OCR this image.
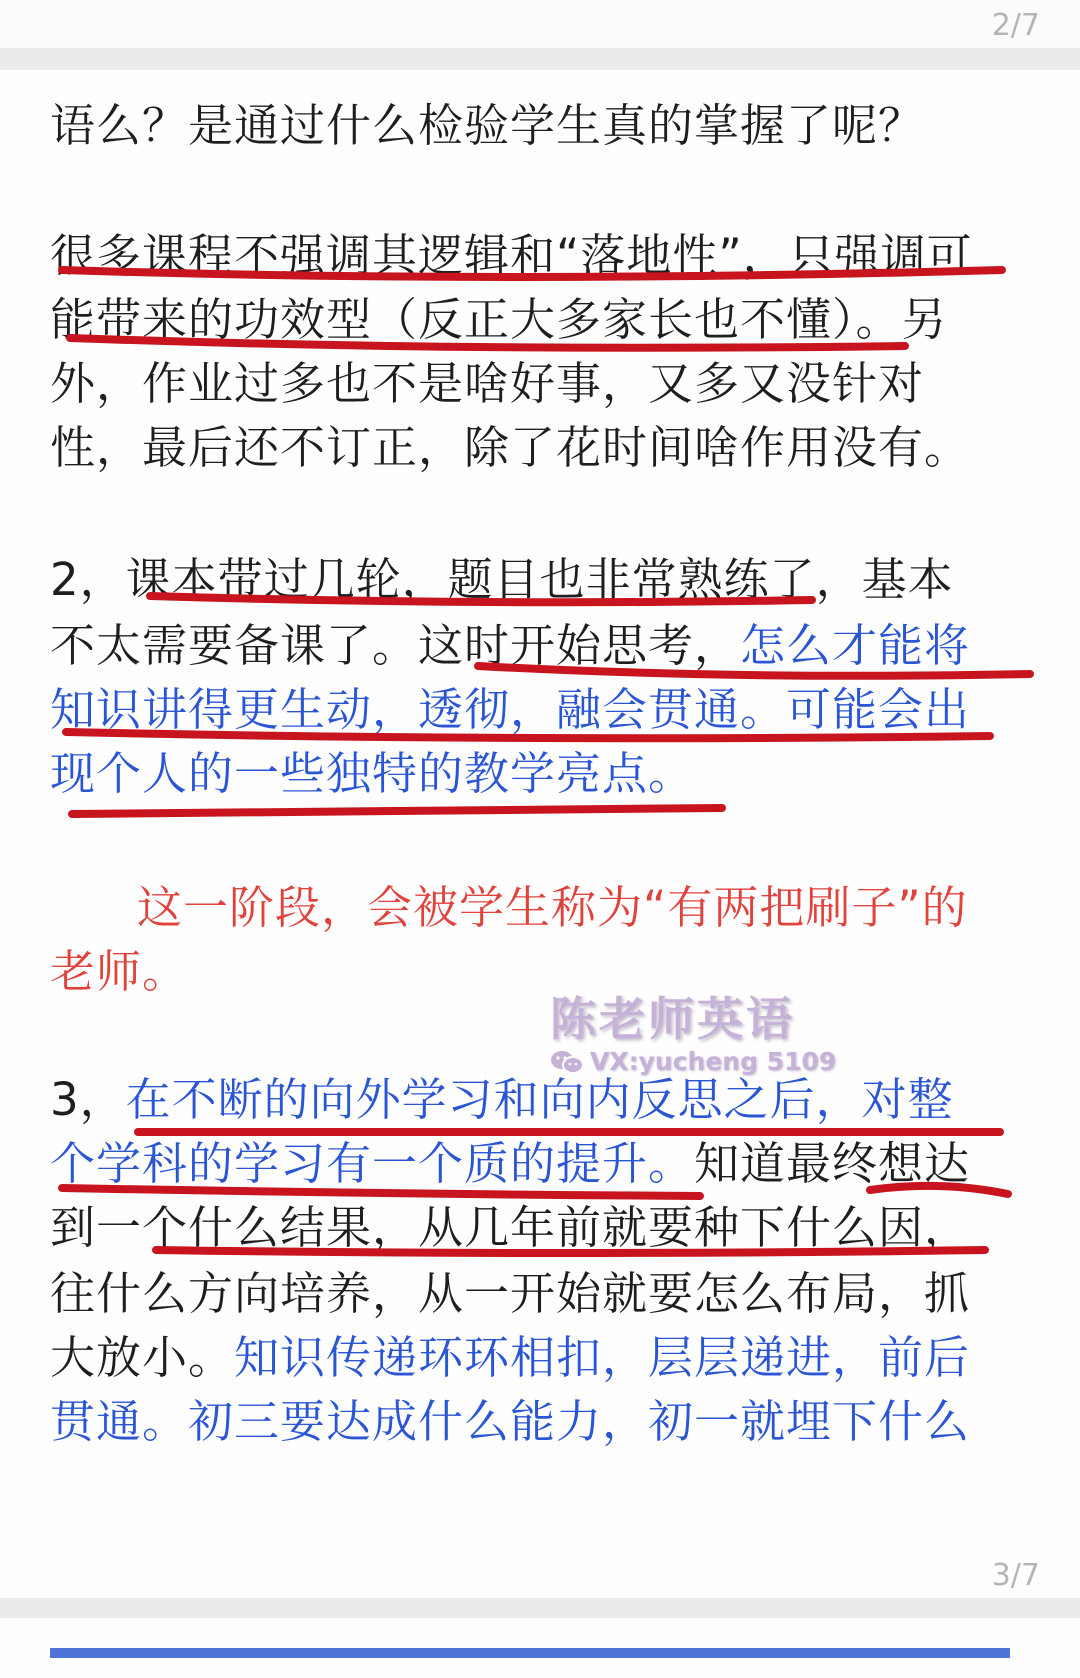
2/7
语么？是通过什么检验学生真的掌握了呢？
很多课程不强调其逻辑和“落地性”，只强调可
能带来的功效型（反正大多家长也不懂）。另
外，作业过多也不是啥好事，又多又没针对
性，最后还不订正，除了花时间啥作用没有。
2，课本带过几轮，题目也非常熟练了，基本
不太需要备课了。这时开始思考，怎么才能将
知识讲得更生动，透彻，融会贯通。可能会出
现个人的一些独特的教学亮点。
这一阶段，会被学生称为“有两把刷子”的
老师。
3，在不断的向外学习和向内反思之后，对整
个学科的学习有一个质的提升。知道最终想达
到一个什么结果，从几年前就要种下什么因，
往什么方向培养，从一开始就要怎么布局，抓
大放小。知识传递环环相扣，层层递进，前后
贯通。初三要达成什么能力，初一就埋下什么
陈老师英语
VX:yucheng 5109
3/7
